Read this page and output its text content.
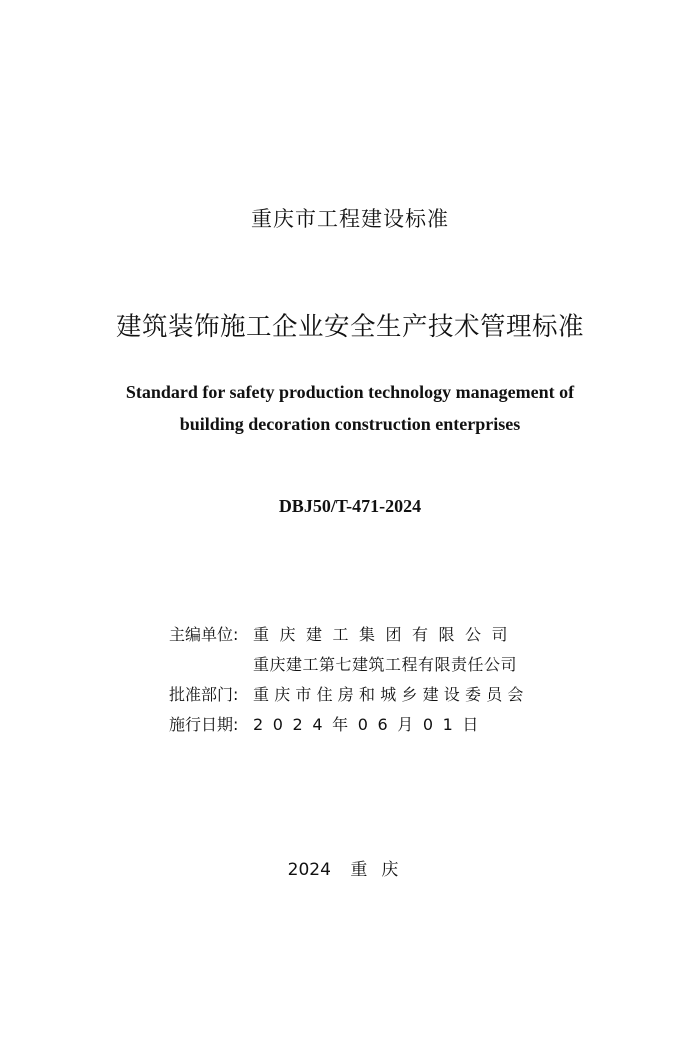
重庆市工程建设标准
建筑装饰施工企业安全生产技术管理标准
Standard for safety production technology management of
building decoration construction enterprises
DBJ50/T-471-2024
主编单位: 重庆建工集团有限公司
重庆建工第七建筑工程有限责任公司
批准部门: 重庆市住房和城乡建设委员会
施行日期: 2024年06月01日
2024 重庆
